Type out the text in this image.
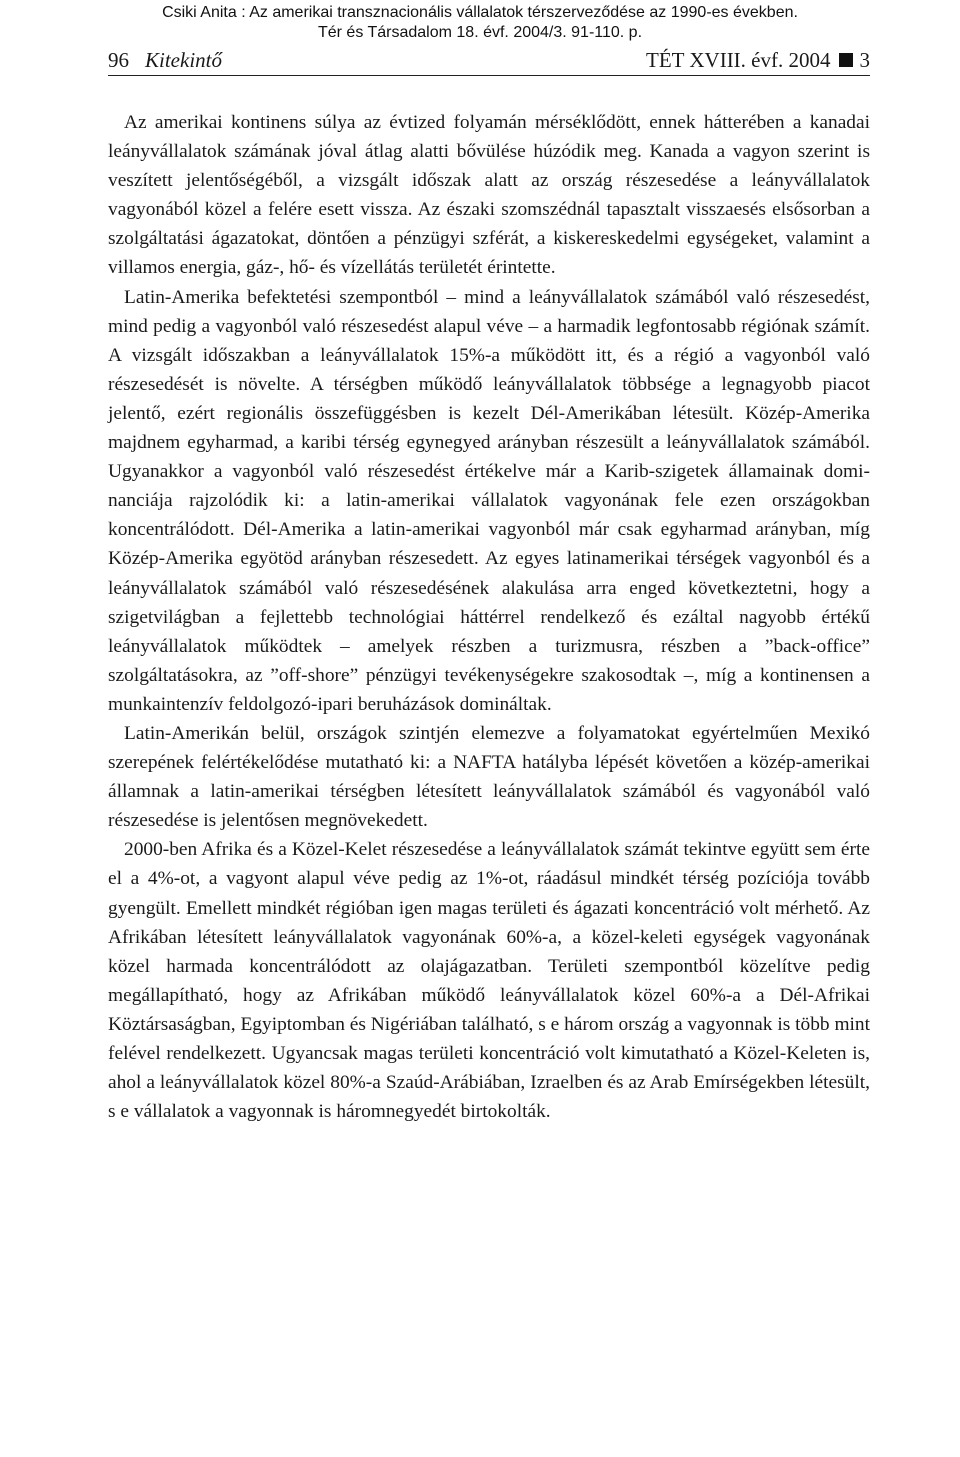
Csiki Anita : Az amerikai transznacionális vállalatok térszerveződése az 1990-es években.
Tér és Társadalom 18. évf. 2004/3. 91-110. p.
96 Kitekintő	TÉT XVIII. évf. 2004 3

Az amerikai kontinens súlya az évtized folyamán mérséklődött, ennek hátterében a kanadai leányvállalatok számának jóval átlag alatti bővülése húzódik meg. Kanada a vagyon szerint is veszített jelentőségéből, a vizsgált időszak alatt az ország részesedése a leányvállalatok vagyonából közel a felére esett vissza. Az északi szomszédnál tapasztalt visszaesés elsősorban a szolgáltatási ágazatokat, döntően a pénzügyi szférát, a kiskereskedelmi egységeket, valamint a villamos energia, gáz-, hő- és vízellátás területét érintette.

Latin-Amerika befektetési szempontból – mind a leányvállalatok számából való részesedést, mind pedig a vagyonból való részesedést alapul véve – a harmadik legfontosabb régiónak számít. A vizsgált időszakban a leányvállalatok 15%-a működött itt, és a régió a vagyonból való részesedését is növelte. A térségben működő leányvállalatok többsége a legnagyobb piacot jelentő, ezért regionális összefüggésben is kezelt Dél-Amerikában létesült. Közép-Amerika majdnem egyharmad, a karibi térség egynegyed arányban részesült a leányvállalatok számából. Ugyanakkor a vagyonból való részesedést értékelve már a Karib-szigetek államainak dominanciája rajzolódik ki: a latin-amerikai vállalatok vagyonának fele ezen országokban koncentrálódott. Dél-Amerika a latin-amerikai vagyonból már csak egyharmad arányban, míg Közép-Amerika egyötöd arányban részesedett. Az egyes latinamerikai térségek vagyonból és a leányvállalatok számából való részesedésének alakulása arra enged következtetni, hogy a szigetvilágban a fejlettebb technológiai háttérrel rendelkező és ezáltal nagyobb értékű leányvállalatok működtek – amelyek részben a turizmusra, részben a ”back-office” szolgáltatásokra, az ”off-shore” pénzügyi tevékenységekre szakosodtak –, míg a kontinensen a munkaintenzív feldolgozó-ipari beruházások domináltak.

Latin-Amerikán belül, országok szintjén elemezve a folyamatokat egyértelműen Mexikó szerepének felértékelődése mutatható ki: a NAFTA hatályba lépését követően a közép-amerikai államnak a latin-amerikai térségben létesített leányvállalatok számából és vagyonából való részesedése is jelentősen megnövekedett.

2000-ben Afrika és a Közel-Kelet részesedése a leányvállalatok számát tekintve együtt sem érte el a 4%-ot, a vagyont alapul véve pedig az 1%-ot, ráadásul mindkét térség pozíciója tovább gyengült. Emellett mindkét régióban igen magas területi és ágazati koncentráció volt mérhető. Az Afrikában létesített leányvállalatok vagyonának 60%-a, a közel-keleti egységek vagyonának közel harmada koncentrálódott az olajágazatban. Területi szempontból közelítve pedig megállapítható, hogy az Afrikában működő leányvállalatok közel 60%-a a Dél-Afrikai Köztársaságban, Egyiptomban és Nigériában található, s e három ország a vagyonnak is több mint felével rendelkezett. Ugyancsak magas területi koncentráció volt kimutatható a Közel-Keleten is, ahol a leányvállalatok közel 80%-a Szaúd-Arábiában, Izraelben és az Arab Emírségekben létesült, s e vállalatok a vagyonnak is háromnegyedét birtokolták.
